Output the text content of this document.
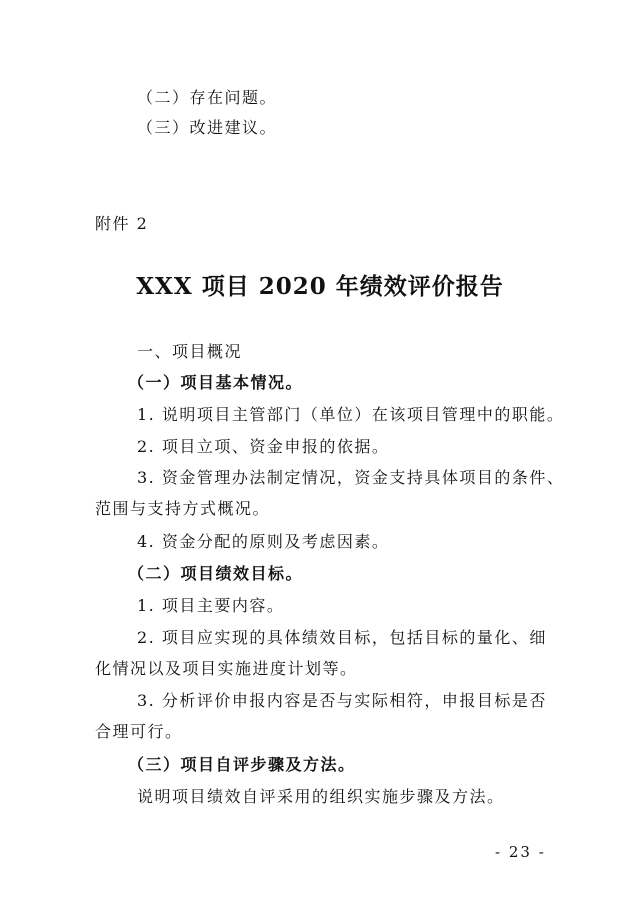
（二）存在问题。
（三）改进建议。
附件 2
XXX 项目 2020 年绩效评价报告
一、项目概况
（一）项目基本情况。
1. 说明项目主管部门（单位）在该项目管理中的职能。
2. 项目立项、资金申报的依据。
3. 资金管理办法制定情况，资金支持具体项目的条件、
范围与支持方式概况。
4. 资金分配的原则及考虑因素。
（二）项目绩效目标。
1. 项目主要内容。
2. 项目应实现的具体绩效目标，包括目标的量化、细
化情况以及项目实施进度计划等。
3. 分析评价申报内容是否与实际相符，申报目标是否
合理可行。
（三）项目自评步骤及方法。
说明项目绩效自评采用的组织实施步骤及方法。
- 23 -
